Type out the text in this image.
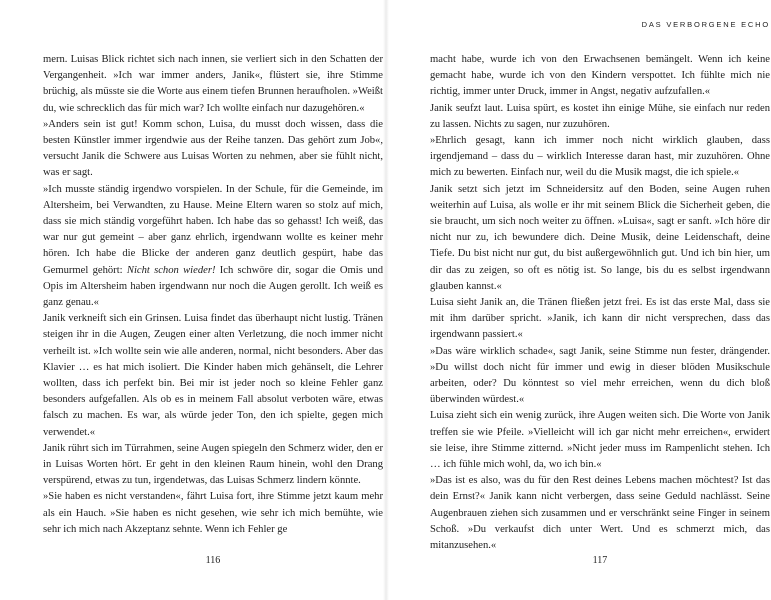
mern. Luisas Blick richtet sich nach innen, sie verliert sich in den Schatten der Vergangenheit. »Ich war immer anders, Janik«, flüstert sie, ihre Stimme brüchig, als müsste sie die Worte aus einem tiefen Brunnen heraufholen. »Weißt du, wie schrecklich das für mich war? Ich wollte einfach nur dazugehören.«

»Anders sein ist gut! Komm schon, Luisa, du musst doch wissen, dass die besten Künstler immer irgendwie aus der Reihe tanzen. Das gehört zum Job«, versucht Janik die Schwere aus Luisas Worten zu nehmen, aber sie fühlt nicht, was er sagt.

»Ich musste ständig irgendwo vorspielen. In der Schule, für die Gemeinde, im Altersheim, bei Verwandten, zu Hause. Meine Eltern waren so stolz auf mich, dass sie mich ständig vorgeführt haben. Ich habe das so gehasst! Ich weiß, das war nur gut gemeint – aber ganz ehrlich, irgendwann wollte es keiner mehr hören. Ich habe die Blicke der anderen ganz deutlich gespürt, habe das Gemurmel gehört: Nicht schon wieder! Ich schwöre dir, sogar die Omis und Opis im Altersheim haben irgendwann nur noch die Augen gerollt. Ich weiß es ganz genau.«

Janik verkneift sich ein Grinsen. Luisa findet das überhaupt nicht lustig. Tränen steigen ihr in die Augen, Zeugen einer alten Verletzung, die noch immer nicht verheilt ist. »Ich wollte sein wie alle anderen, normal, nicht besonders. Aber das Klavier … es hat mich isoliert. Die Kinder haben mich gehänselt, die Lehrer wollten, dass ich perfekt bin. Bei mir ist jeder noch so kleine Fehler ganz besonders aufgefallen. Als ob es in meinem Fall absolut verboten wäre, etwas falsch zu machen. Es war, als würde jeder Ton, den ich spielte, gegen mich verwendet.«

Janik rührt sich im Türrahmen, seine Augen spiegeln den Schmerz wider, den er in Luisas Worten hört. Er geht in den kleinen Raum hinein, wohl den Drang verspürend, etwas zu tun, irgendetwas, das Luisas Schmerz lindern könnte.

»Sie haben es nicht verstanden«, fährt Luisa fort, ihre Stimme jetzt kaum mehr als ein Hauch. »Sie haben es nicht gesehen, wie sehr ich mich bemühte, wie sehr ich mich nach Akzeptanz sehnte. Wenn ich Fehler ge

116
DAS VERBORGENE ECHO

macht habe, wurde ich von den Erwachsenen bemängelt. Wenn ich keine gemacht habe, wurde ich von den Kindern verspottet. Ich fühlte mich nie richtig, immer unter Druck, immer in Angst, negativ aufzufallen.«

Janik seufzt laut. Luisa spürt, es kostet ihn einige Mühe, sie einfach nur reden zu lassen. Nichts zu sagen, nur zuzuhören.

»Ehrlich gesagt, kann ich immer noch nicht wirklich glauben, dass irgendjemand – dass du – wirklich Interesse daran hast, mir zuzuhören. Ohne mich zu bewerten. Einfach nur, weil du die Musik magst, die ich spiele.«

Janik setzt sich jetzt im Schneidersitz auf den Boden, seine Augen ruhen weiterhin auf Luisa, als wolle er ihr mit seinem Blick die Sicherheit geben, die sie braucht, um sich noch weiter zu öffnen. »Luisa«, sagt er sanft. »Ich höre dir nicht nur zu, ich bewundere dich. Deine Musik, deine Leidenschaft, deine Tiefe. Du bist nicht nur gut, du bist außergewöhnlich gut. Und ich bin hier, um dir das zu zeigen, so oft es nötig ist. So lange, bis du es selbst irgendwann glauben kannst.«

Luisa sieht Janik an, die Tränen fließen jetzt frei. Es ist das erste Mal, dass sie mit ihm darüber spricht. »Janik, ich kann dir nicht versprechen, dass das irgendwann passiert.«

»Das wäre wirklich schade«, sagt Janik, seine Stimme nun fester, drängender. »Du willst doch nicht für immer und ewig in dieser blöden Musikschule arbeiten, oder? Du könntest so viel mehr erreichen, wenn du dich bloß überwinden würdest.«

Luisa zieht sich ein wenig zurück, ihre Augen weiten sich. Die Worte von Janik treffen sie wie Pfeile. »Vielleicht will ich gar nicht mehr erreichen«, erwidert sie leise, ihre Stimme zitternd. »Nicht jeder muss im Rampenlicht stehen. Ich … ich fühle mich wohl, da, wo ich bin.«

»Das ist es also, was du für den Rest deines Lebens machen möchtest? Ist das dein Ernst?« Janik kann nicht verbergen, dass seine Geduld nachlässt. Seine Augenbrauen ziehen sich zusammen und er verschränkt seine Finger in seinem Schoß. »Du verkaufst dich unter Wert. Und es schmerzt mich, das mitanzusehen.«

117
